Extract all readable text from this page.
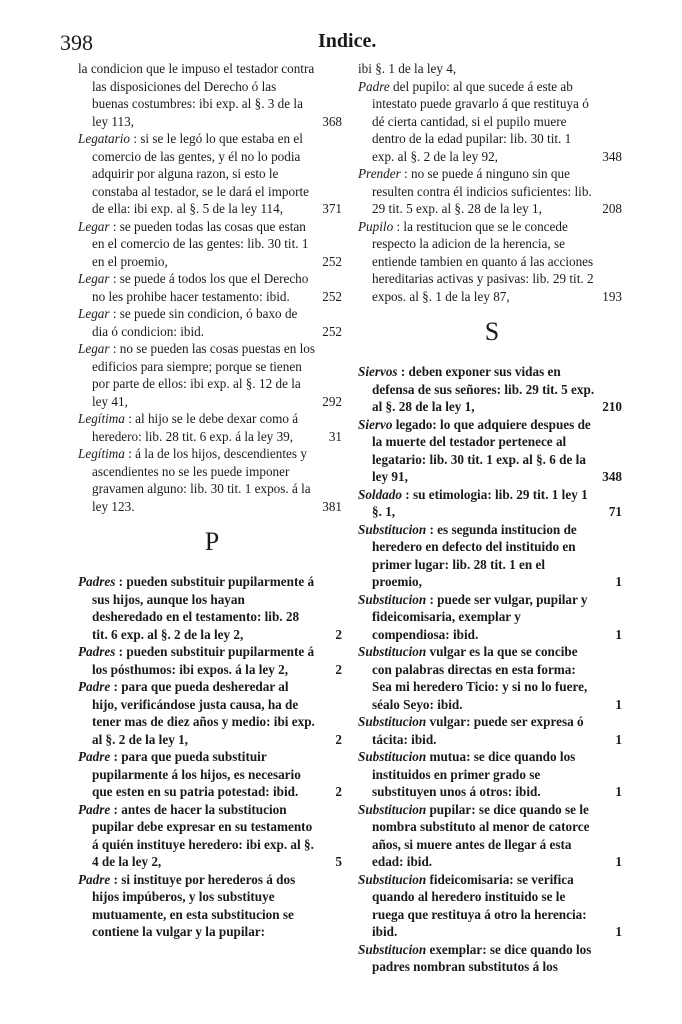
398	Indice.
la condicion que le impuso el testador contra las disposiciones del Derecho ó las buenas costumbres: ibi exp. al §. 3 de la ley 113,	368
Legatario : si se le legó lo que estaba en el comercio de las gentes, y él no lo podia adquirir por alguna razon, si esto le constaba al testador, se le dará el importe de ella: ibi exp. al §. 5 de la ley 114,	371
Legar : se pueden todas las cosas que estan en el comercio de las gentes: lib. 30 tit. 1 en el proemio,	252
Legar : se puede á todos los que el Derecho no les prohibe hacer testamento: ibid.	252
Legar : se puede sin condicion, ó baxo de dia ó condicion: ibid.	252
Legar : no se pueden las cosas puestas en los edificios para siempre; porque se tienen por parte de ellos: ibi exp. al §. 12 de la ley 41,	292
Legítima : al hijo se le debe dexar como á heredero: lib. 28 tit. 6 exp. á la ley 39,	31
Legítima : á la de los hijos, descendientes y ascendientes no se les puede imponer gravamen alguno: lib. 30 tit. 1 expos. á la ley 123.	381
P
Padres : pueden substituir pupilarmente á sus hijos, aunque los hayan desheredado en el testamento: lib. 28 tit. 6 exp. al §. 2 de la ley 2,	2
Padres : pueden substituir pupilarmente á los pósthumos: ibi expos. á la ley 2,	2
Padre : para que pueda desheredar al hijo, verificándose justa causa, ha de tener mas de diez años y medio: ibi exp. al §. 2 de la ley 1,	2
Padre : para que pueda substituir pupilarmente á los hijos, es necesario que esten en su patria potestad: ibid.	2
Padre : antes de hacer la substitucion pupilar debe expresar en su testamento á quién instituye heredero: ibi exp. al §. 4 de la ley 2,	5
Padre : si instituye por herederos á dos hijos impúberos, y los substituye mutuamente, en esta substitucion se contiene la vulgar y la pupilar:
ibi §. 1 de la ley 4,
Padre del pupilo: al que sucede á este ab intestato puede gravarlo á que restituya ó dé cierta cantidad, si el pupilo muere dentro de la edad pupilar: lib. 30 tit. 1 exp. al §. 2 de la ley 92,	348
Prender : no se puede á ninguno sin que resulten contra él indicios suficientes: lib. 29 tit. 5 exp. al §. 28 de la ley 1,	208
Pupilo : la restitucion que se le concede respecto la adicion de la herencia, se entiende tambien en quanto á las acciones hereditarias activas y pasivas: lib. 29 tit. 2 expos. al §. 1 de la ley 87,	193
S
Siervos : deben exponer sus vidas en defensa de sus señores: lib. 29 tit. 5 exp. al §. 28 de la ley 1,	210
Siervo legado: lo que adquiere despues de la muerte del testador pertenece al legatario: lib. 30 tit. 1 exp. al §. 6 de la ley 91,	348
Soldado : su etimologia: lib. 29 tit. 1 ley 1 §. 1,	71
Substitucion : es segunda institucion de heredero en defecto del instituido en primer lugar: lib. 28 tit. 1 en el proemio,	1
Substitucion : puede ser vulgar, pupilar y fideicomisaria, exemplar y compendiosa: ibid.	1
Substitucion vulgar es la que se concibe con palabras directas en esta forma: Sea mi heredero Ticio: y si no lo fuere, séalo Seyo: ibid.	1
Substitucion vulgar: puede ser expresa ó tácita: ibid.	1
Substitucion mutua: se dice quando los instituidos en primer grado se substituyen unos á otros: ibid.	1
Substitucion pupilar: se dice quando se le nombra substituto al menor de catorce años, si muere antes de llegar á esta edad: ibid.	1
Substitucion fideicomisaria: se verifica quando al heredero instituido se le ruega que restituya á otro la herencia: ibid.	1
Substitucion exemplar: se dice quando los padres nombran substitutos á los
